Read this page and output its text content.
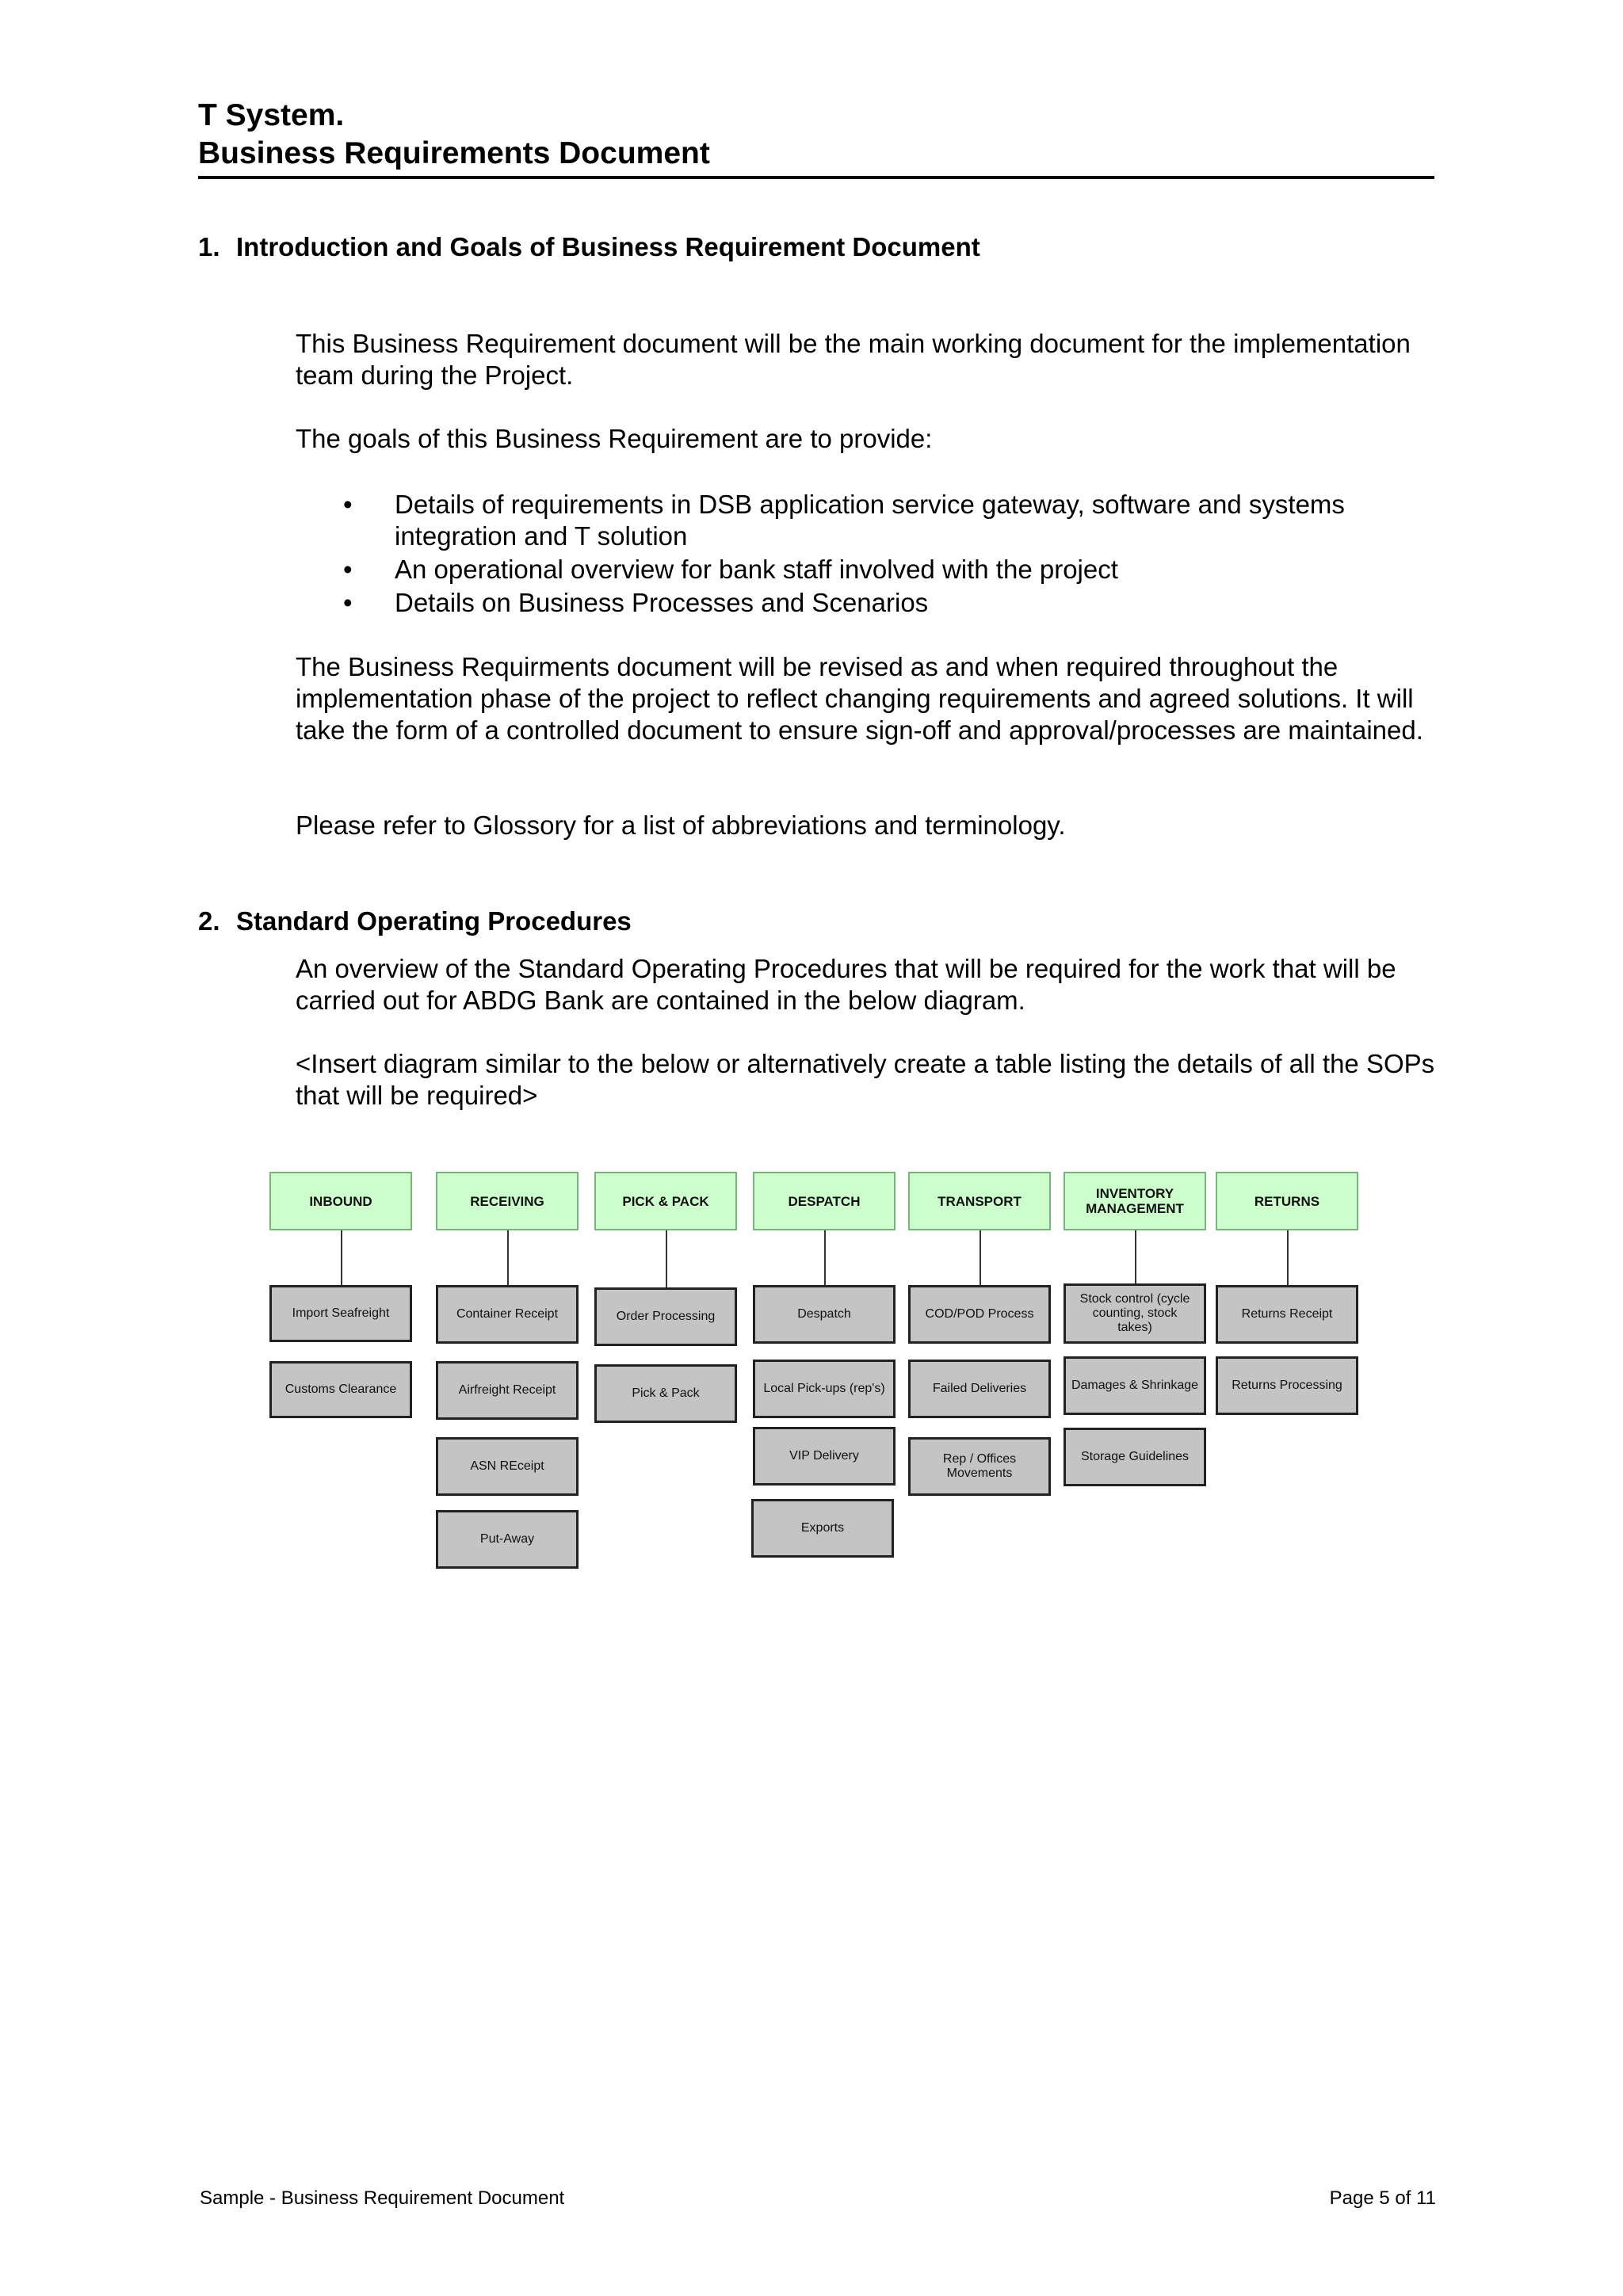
T System.
Business Requirements Document
1. Introduction and Goals of Business Requirement Document

This Business Requirement document will be the main working document for the implementation team during the Project.

The goals of this Business Requirement are to provide:

• Details of requirements in DSB application service gateway, software and systems integration and T solution
• An operational overview for bank staff involved with the project
• Details on Business Processes and Scenarios

The Business Requirments document will be revised as and when required throughout the implementation phase of the project to reflect changing requirements and agreed solutions. It will take the form of a controlled document to ensure sign-off and approval/processes are maintained.

Please refer to Glossory for a list of abbreviations and terminology.

2. Standard Operating Procedures

An overview of the Standard Operating Procedures that will be required for the work that will be carried out for ABDG Bank are contained in the below diagram.

<Insert diagram similar to the below or alternatively create a table listing the details of all the SOPs that will be required>

INBOUND	RECEIVING	PICK & PACK	DESPATCH	TRANSPORT	INVENTORY MANAGEMENT	RETURNS
Import Seafreight
Customs Clearance
Container Receipt
Airfreight Receipt
ASN REceipt
Put-Away
Order Processing
Pick & Pack
Despatch
Local Pick-ups (rep's)
VIP Delivery
Exports
COD/POD Process
Failed Deliveries
Rep / Offices Movements
Stock control (cycle counting, stock takes)
Damages & Shrinkage
Storage Guidelines
Returns Receipt
Returns Processing
Sample - Business Requirement Document	Page 5 of 11
